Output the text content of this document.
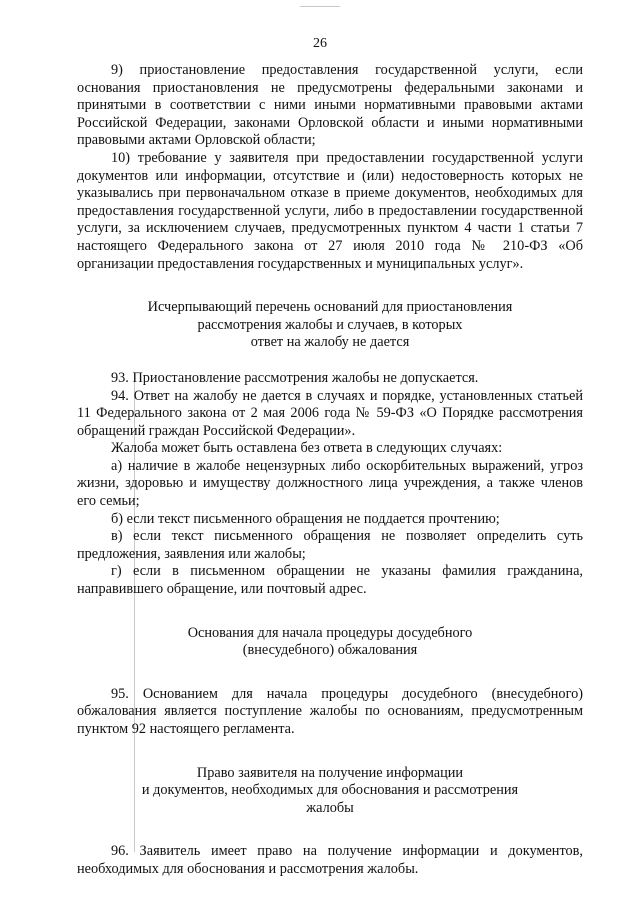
26

9) приостановление предоставления государственной услуги, если основания приостановления не предусмотрены федеральными законами и принятыми в соответствии с ними иными нормативными правовыми актами Российской Федерации, законами Орловской области и иными нормативными правовыми актами Орловской области;

10) требование у заявителя при предоставлении государственной услуги документов или информации, отсутствие и (или) недостоверность которых не указывались при первоначальном отказе в приеме документов, необходимых для предоставления государственной услуги, либо в предоставлении государственной услуги, за исключением случаев, предусмотренных пунктом 4 части 1 статьи 7 настоящего Федерального закона от 27 июля 2010 года № 210-ФЗ «Об организации предоставления государственных и муниципальных услуг».

Исчерпывающий перечень оснований для приостановления
рассмотрения жалобы и случаев, в которых
ответ на жалобу не дается

93. Приостановление рассмотрения жалобы не допускается.

94. Ответ на жалобу не дается в случаях и порядке, установленных статьей 11 Федерального закона от 2 мая 2006 года № 59-ФЗ «О Порядке рассмотрения обращений граждан Российской Федерации».

Жалоба может быть оставлена без ответа в следующих случаях:

а) наличие в жалобе нецензурных либо оскорбительных выражений, угроз жизни, здоровью и имуществу должностного лица учреждения, а также членов его семьи;

б) если текст письменного обращения не поддается прочтению;

в) если текст письменного обращения не позволяет определить суть предложения, заявления или жалобы;

г) если в письменном обращении не указаны фамилия гражданина, направившего обращение, или почтовый адрес.

Основания для начала процедуры досудебного
(внесудебного) обжалования

95. Основанием для начала процедуры досудебного (внесудебного) обжалования является поступление жалобы по основаниям, предусмотренным пунктом 92 настоящего регламента.

Право заявителя на получение информации
и документов, необходимых для обоснования и рассмотрения
жалобы

96. Заявитель имеет право на получение информации и документов, необходимых для обоснования и рассмотрения жалобы.
